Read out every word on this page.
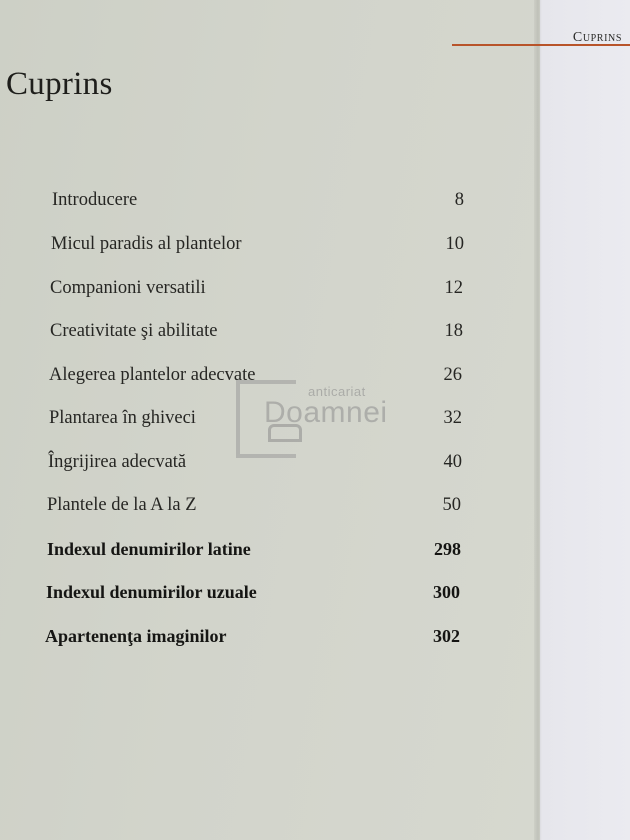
Cuprins
Cuprins
Introducere	8
Micul paradis al plantelor	10
Companioni versatili	12
Creativitate şi abilitate	18
Alegerea plantelor adecvate	26
Plantarea în ghiveci	32
Îngrijirea adecvată	40
Plantele de la A la Z	50
Indexul denumirilor latine	298
Indexul denumirilor uzuale	300
Apartenenţa imaginilor	302
anticariat
Doamnei
